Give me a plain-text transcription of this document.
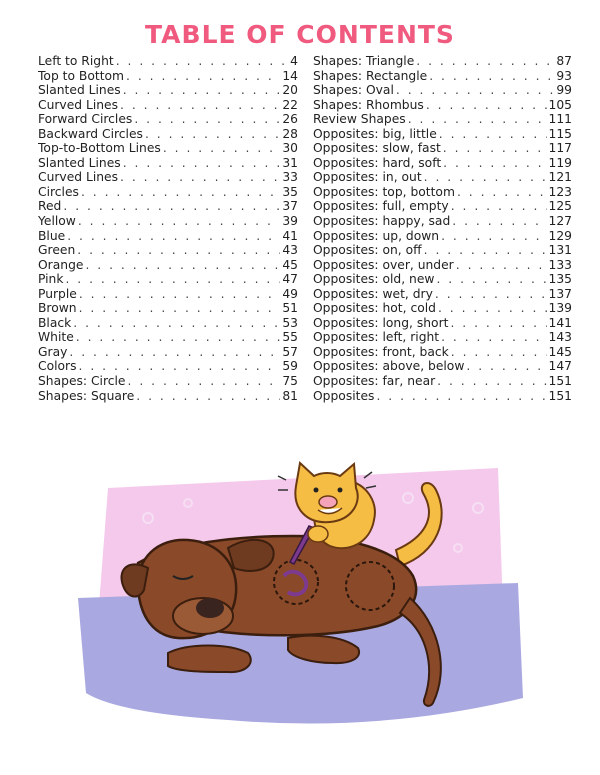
TABLE OF CONTENTS
Left to Right . . .	4
Top to Bottom . . .	14
Slanted Lines . . .	20
Curved Lines . . .	22
Forward Circles . . .	26
Backward Circles . . .	28
Top-to-Bottom Lines . . .	30
Slanted Lines . . .	31
Curved Lines . . .	33
Circles . . .	35
Red . . .	37
Yellow . . .	39
Blue . . .	41
Green . . .	43
Orange . . .	45
Pink . . .	47
Purple . . .	49
Brown . . .	51
Black . . .	53
White . . .	55
Gray . . .	57
Colors . . .	59
Shapes: Circle . . .	75
Shapes: Square . . .	81
Shapes: Triangle . . .	87
Shapes: Rectangle . . .	93
Shapes: Oval . . .	99
Shapes: Rhombus . . .	105
Review Shapes . . .	111
Opposites: big, little . . .	115
Opposites: slow, fast . . .	117
Opposites: hard, soft . . .	119
Opposites: in, out . . .	121
Opposites: top, bottom . . .	123
Opposites: full, empty . . .	125
Opposites: happy, sad . . .	127
Opposites: up, down . . .	129
Opposites: on, off . . .	131
Opposites: over, under . . .	133
Opposites: old, new . . .	135
Opposites: wet, dry . . .	137
Opposites: hot, cold . . .	139
Opposites: long, short . . .	141
Opposites: left, right . . .	143
Opposites: front, back . . .	145
Opposites: above, below . . .	147
Opposites: far, near . . .	151
Opposites . . .	151
